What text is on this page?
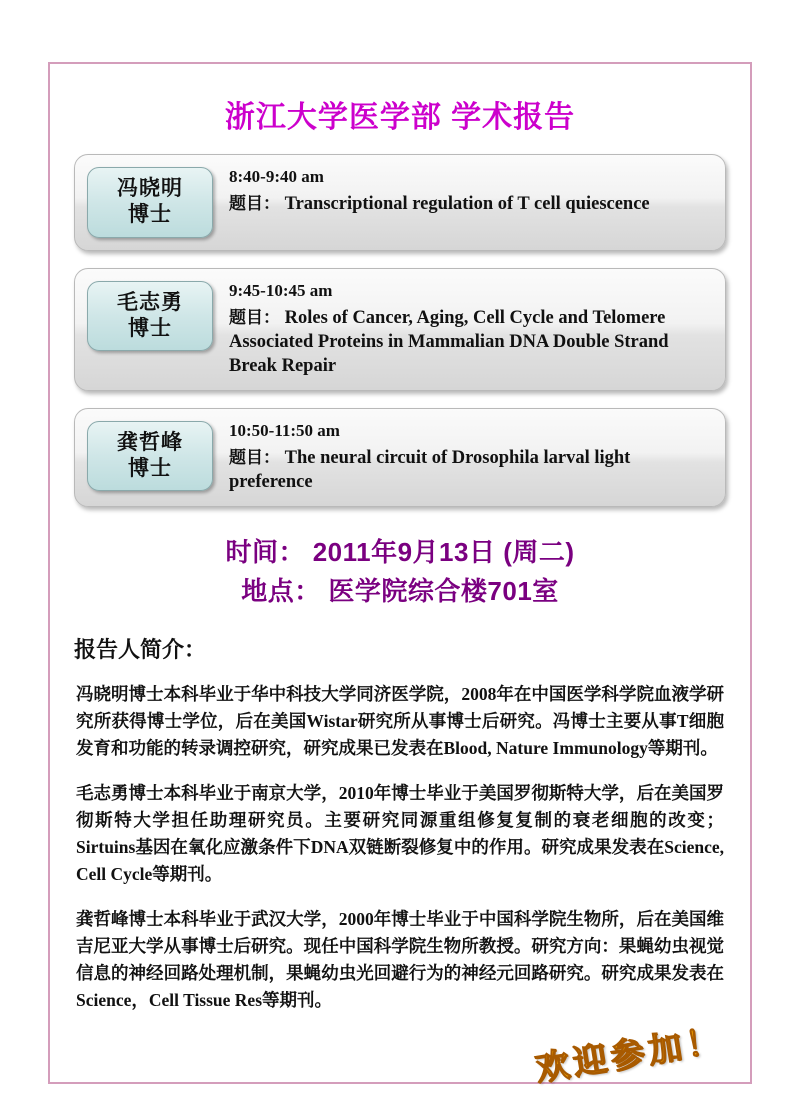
浙江大学医学部 学术报告
冯晓明
博士
8:40-9:40 am
题目： Transcriptional regulation of T cell quiescence
毛志勇
博士
9:45-10:45 am
题目： Roles of Cancer, Aging, Cell Cycle and Telomere Associated Proteins in Mammalian DNA Double Strand Break Repair
龚哲峰
博士
10:50-11:50 am
题目： The neural circuit of Drosophila larval light preference
时间： 2011年9月13日 (周二)
地点： 医学院综合楼701室
报告人简介：

冯晓明博士本科毕业于华中科技大学同济医学院，2008年在中国医学科学院血液学研究所获得博士学位，后在美国Wistar研究所从事博士后研究。冯博士主要从事T细胞发育和功能的转录调控研究，研究成果已发表在Blood, Nature Immunology等期刊。

毛志勇博士本科毕业于南京大学，2010年博士毕业于美国罗彻斯特大学，后在美国罗彻斯特大学担任助理研究员。主要研究同源重组修复复制的衰老细胞的改变；Sirtuins基因在氧化应激条件下DNA双链断裂修复中的作用。研究成果发表在Science, Cell Cycle等期刊。

龚哲峰博士本科毕业于武汉大学，2000年博士毕业于中国科学院生物所，后在美国维吉尼亚大学从事博士后研究。现任中国科学院生物所教授。研究方向：果蝇幼虫视觉信息的神经回路处理机制，果蝇幼虫光回避行为的神经元回路研究。研究成果发表在Science，Cell Tissue Res等期刊。

欢迎参加！
